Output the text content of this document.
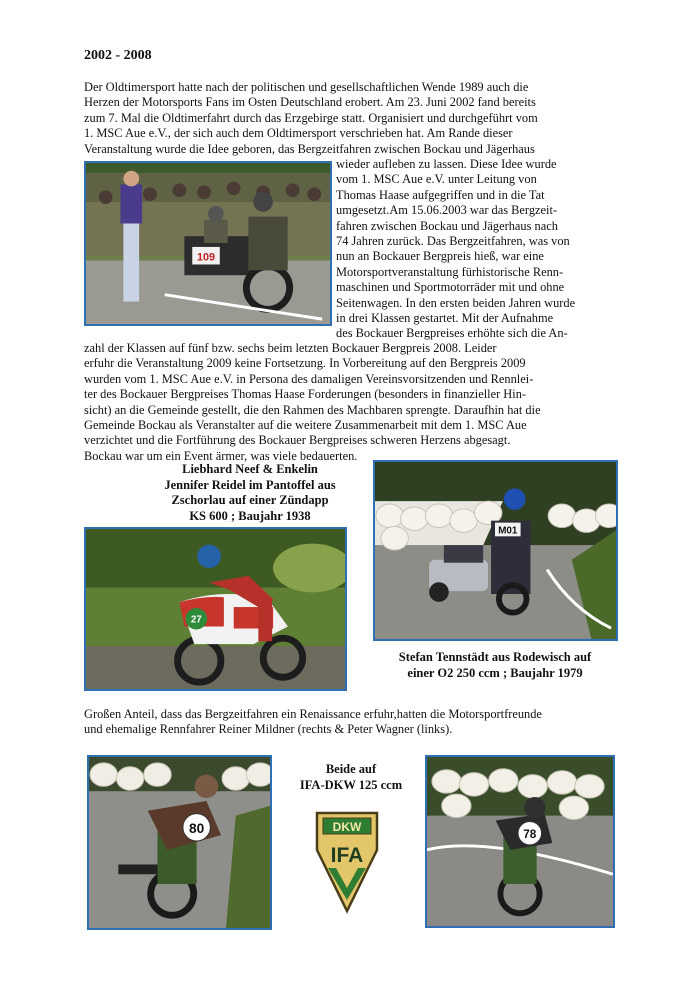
2002 - 2008
Der Oldtimersport hatte nach der politischen und gesellschaftlichen Wende 1989 auch die
Herzen der Motorsports Fans im Osten Deutschland erobert. Am 23. Juni 2002 fand bereits
zum 7. Mal die Oldtimerfahrt durch das Erzgebirge statt. Organisiert und durchgeführt vom
1. MSC Aue e.V., der sich auch dem Oldtimersport verschrieben hat. Am Rande dieser
Veranstaltung wurde die Idee geboren, das Bergzeitfahren zwischen Bockau und Jägerhaus
109
wieder aufleben zu lassen. Diese Idee wurde
vom 1. MSC Aue e.V. unter Leitung von
Thomas Haase aufgegriffen und in die Tat
umgesetzt.Am 15.06.2003 war das Bergzeit-
fahren zwischen Bockau und Jägerhaus nach
74 Jahren zurück. Das Bergzeitfahren, was von
nun an Bockauer Bergpreis hieß, war eine
Motorsportveranstaltung fürhistorische Renn-
maschinen und Sportmotorräder mit und ohne
Seitenwagen. In den ersten beiden Jahren wurde
in drei Klassen gestartet. Mit der Aufnahme
des Bockauer Bergpreises erhöhte sich die An-
zahl der Klassen auf fünf bzw. sechs beim letzten Bockauer Bergpreis 2008. Leider
erfuhr die Veranstaltung 2009 keine Fortsetzung. In Vorbereitung auf den Bergpreis 2009
wurden vom 1. MSC Aue e.V. in Persona des damaligen Vereinsvorsitzenden und Rennlei-
ter des Bockauer Bergpreises Thomas Haase Forderungen (besonders in finanzieller Hin-
sicht) an die Gemeinde gestellt, die den Rahmen des Machbaren sprengte. Daraufhin hat die
Gemeinde Bockau als Veranstalter auf die weitere Zusammenarbeit mit dem 1. MSC Aue
verzichtet und die Fortführung des Bockauer Bergpreises schweren Herzens abgesagt.
Bockau war um ein Event ärmer, was viele bedauerten.
Liebhard Neef & Enkelin
Jennifer Reidel im Pantoffel aus
Zschorlau auf einer Zündapp
KS 600 ; Baujahr 1938
27
M01
Stefan Tennstädt aus Rodewisch auf
einer O2 250 ccm ; Baujahr 1979
Großen Anteil, dass das Bergzeitfahren ein Renaissance erfuhr,hatten die Motorsportfreunde
und ehemalige Rennfahrer Reiner Mildner (rechts & Peter Wagner (links).
80
Beide auf
IFA-DKW 125 ccm
DKW
IFA
78
